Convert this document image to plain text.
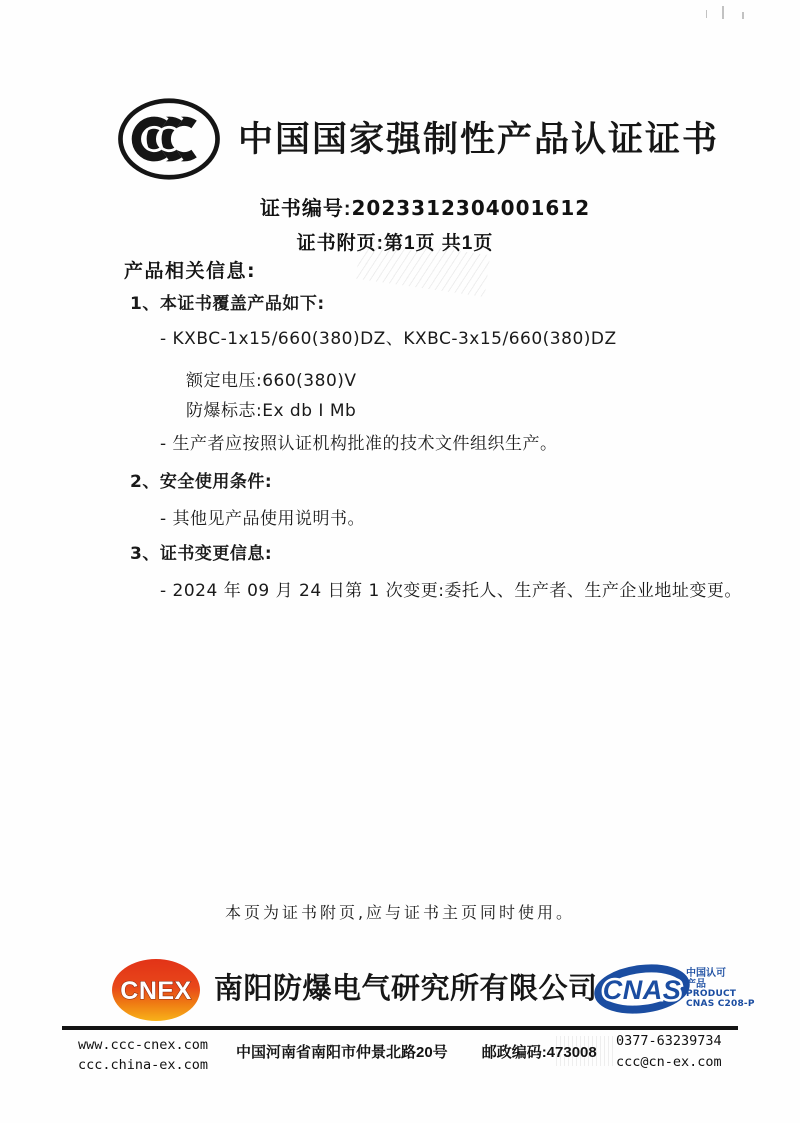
中国国家强制性产品认证证书
证书编号:2023312304001612
证书附页:第1页 共1页
产品相关信息:
1、本证书覆盖产品如下:
- KXBC-1x15/660(380)DZ、KXBC-3x15/660(380)DZ
额定电压:660(380)V
防爆标志:Ex db I Mb
- 生产者应按照认证机构批准的技术文件组织生产。
2、安全使用条件:
- 其他见产品使用说明书。
3、证书变更信息:
- 2024 年 09 月 24 日第 1 次变更:委托人、生产者、生产企业地址变更。
本页为证书附页,应与证书主页同时使用。
CNEX 南阳防爆电气研究所有限公司 CNAS
中国认可
产品
PRODUCT
CNAS C208-P
www.ccc-cnex.com
ccc.china-ex.com
中国河南省南阳市仲景北路20号 邮政编码:473008
0377-63239734
ccc@cn-ex.com
